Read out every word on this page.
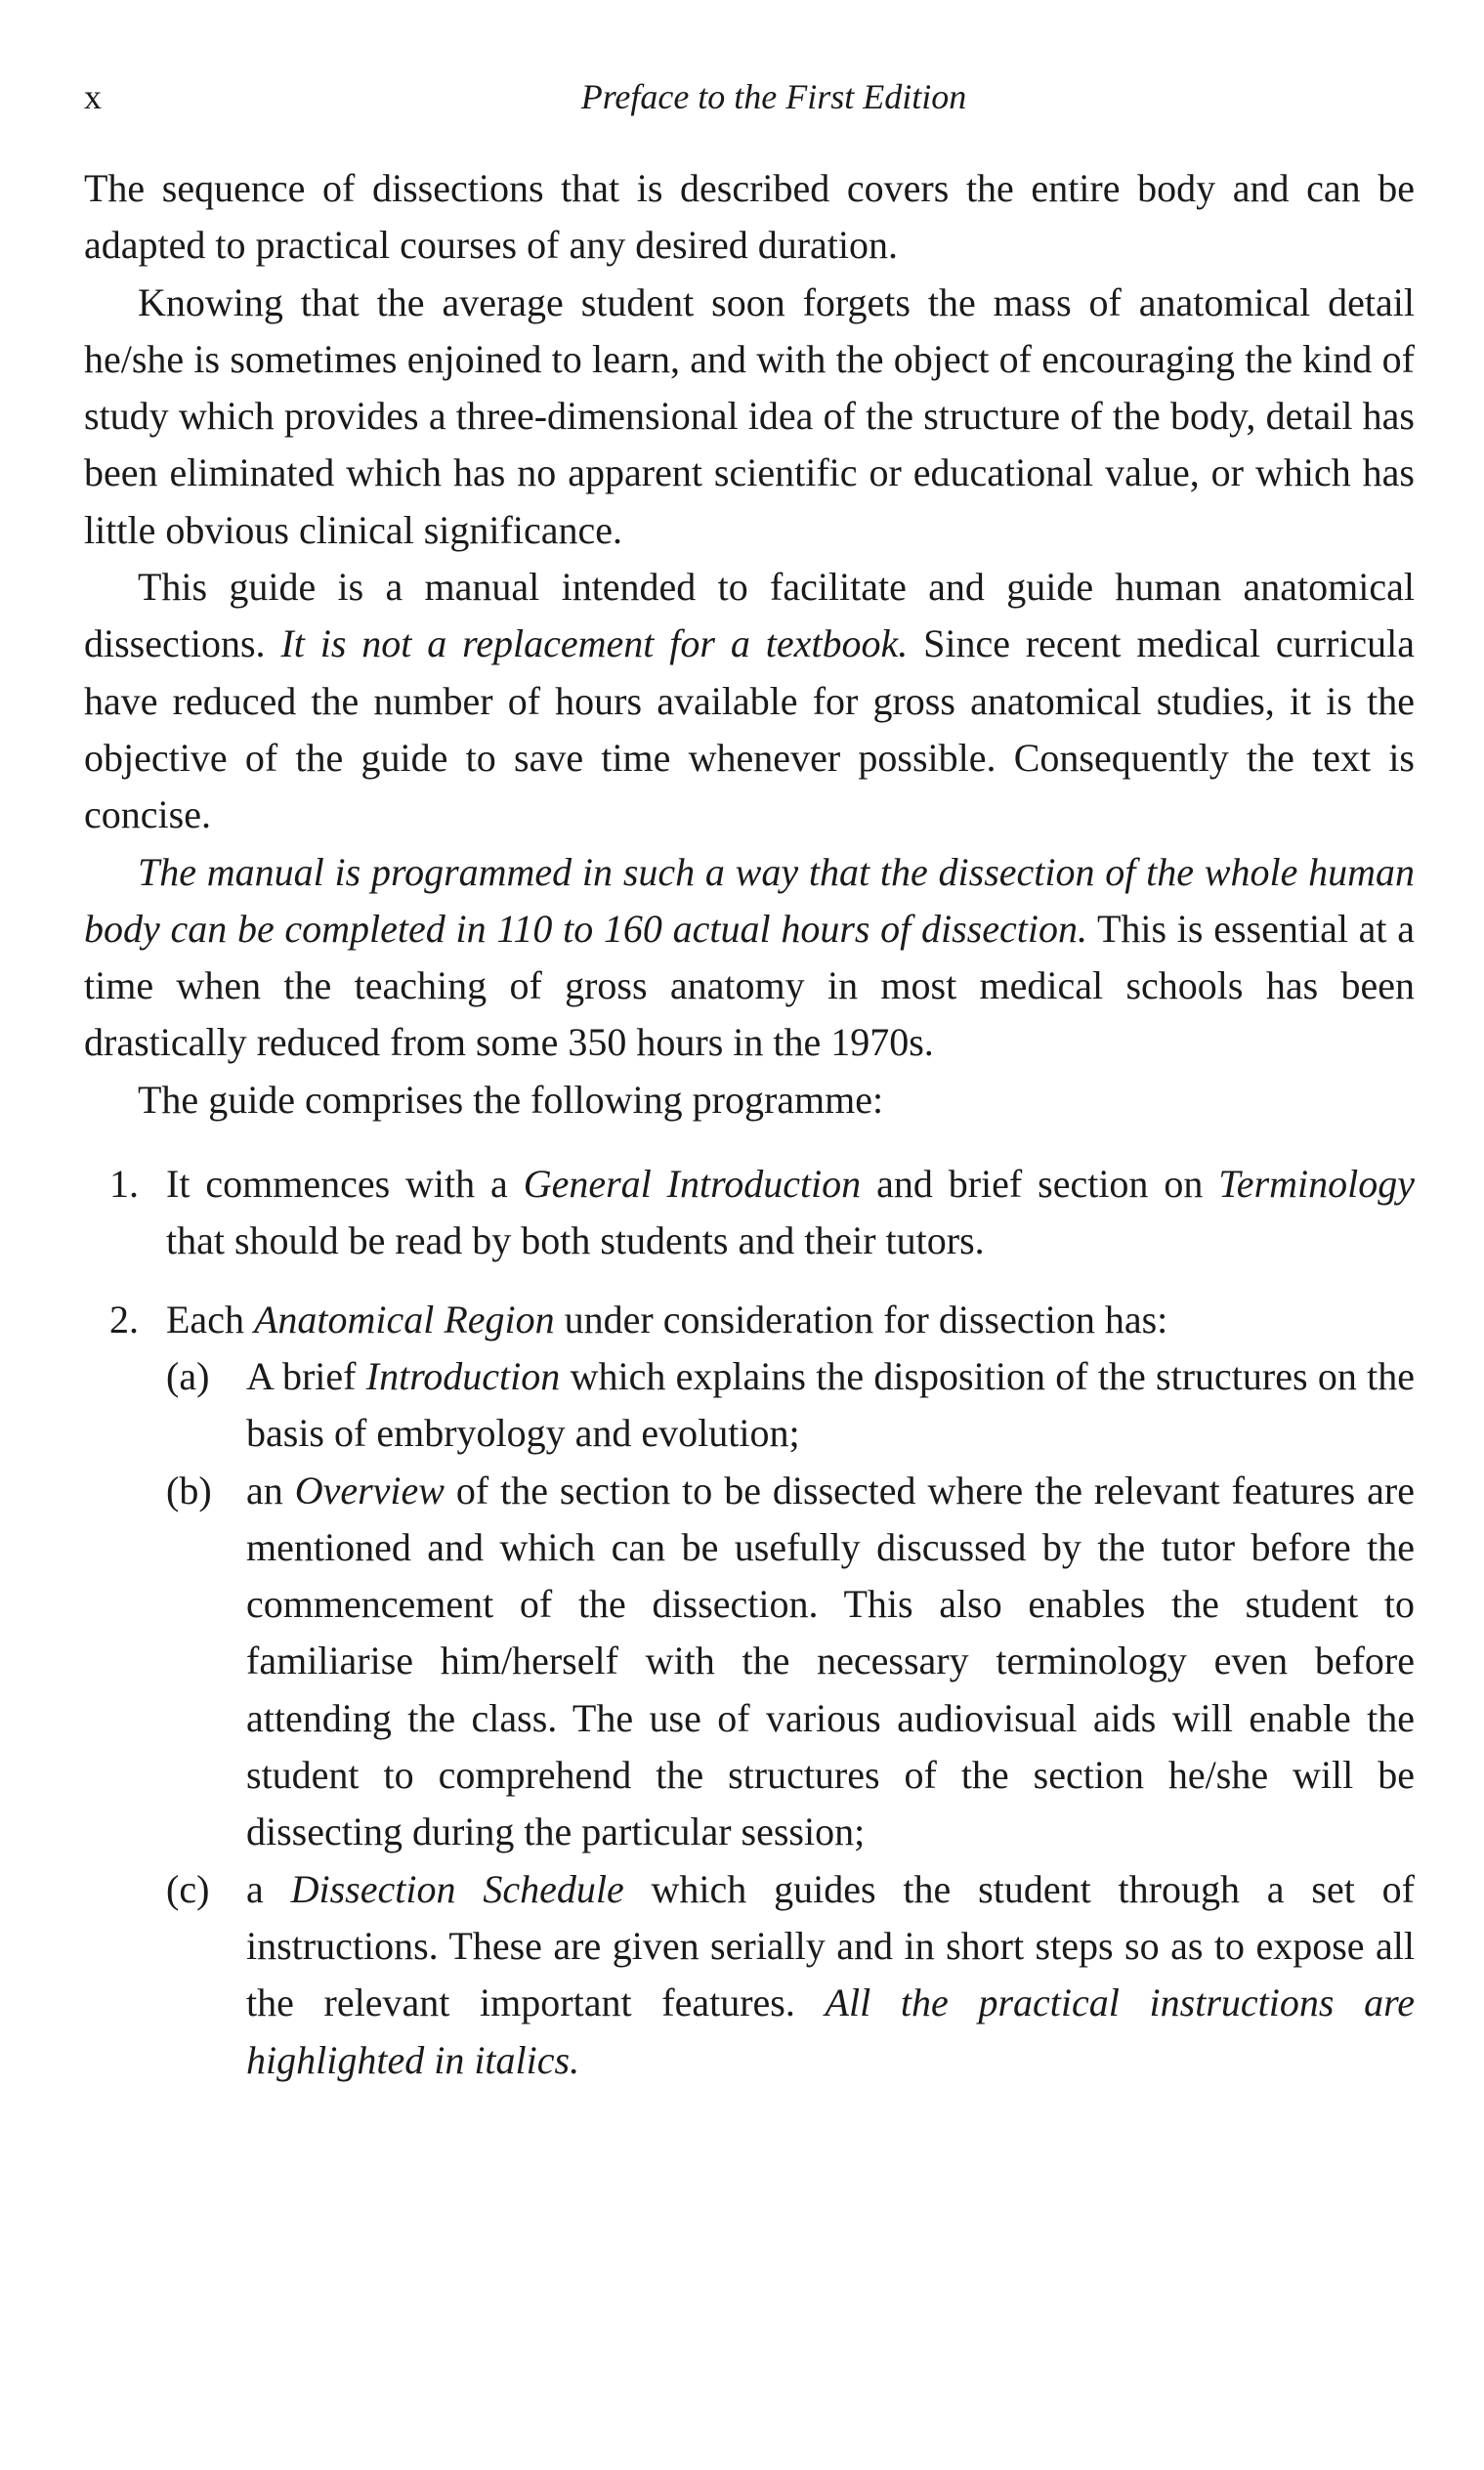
x	Preface to the First Edition

The sequence of dissections that is described covers the entire body and can be adapted to practical courses of any desired duration.

Knowing that the average student soon forgets the mass of anatomical detail he/she is sometimes enjoined to learn, and with the object of encouraging the kind of study which provides a three-dimensional idea of the structure of the body, detail has been eliminated which has no apparent scientific or educational value, or which has little obvious clinical significance.

This guide is a manual intended to facilitate and guide human anatomical dissections. It is not a replacement for a textbook. Since recent medical curricula have reduced the number of hours available for gross anatomical studies, it is the objective of the guide to save time whenever possible. Consequently the text is concise.

The manual is programmed in such a way that the dissection of the whole human body can be completed in 110 to 160 actual hours of dissection. This is essential at a time when the teaching of gross anatomy in most medical schools has been drastically reduced from some 350 hours in the 1970s.

The guide comprises the following programme:

1. It commences with a General Introduction and brief section on Terminology that should be read by both students and their tutors.

2. Each Anatomical Region under consideration for dissection has:

(a) A brief Introduction which explains the disposition of the structures on the basis of embryology and evolution;

(b) an Overview of the section to be dissected where the relevant features are mentioned and which can be usefully discussed by the tutor before the commencement of the dissection. This also enables the student to familiarise him/herself with the necessary terminology even before attending the class. The use of various audiovisual aids will enable the student to comprehend the structures of the section he/she will be dissecting during the particular session;

(c) a Dissection Schedule which guides the student through a set of instructions. These are given serially and in short steps so as to expose all the relevant important features. All the practical instructions are highlighted in italics.
